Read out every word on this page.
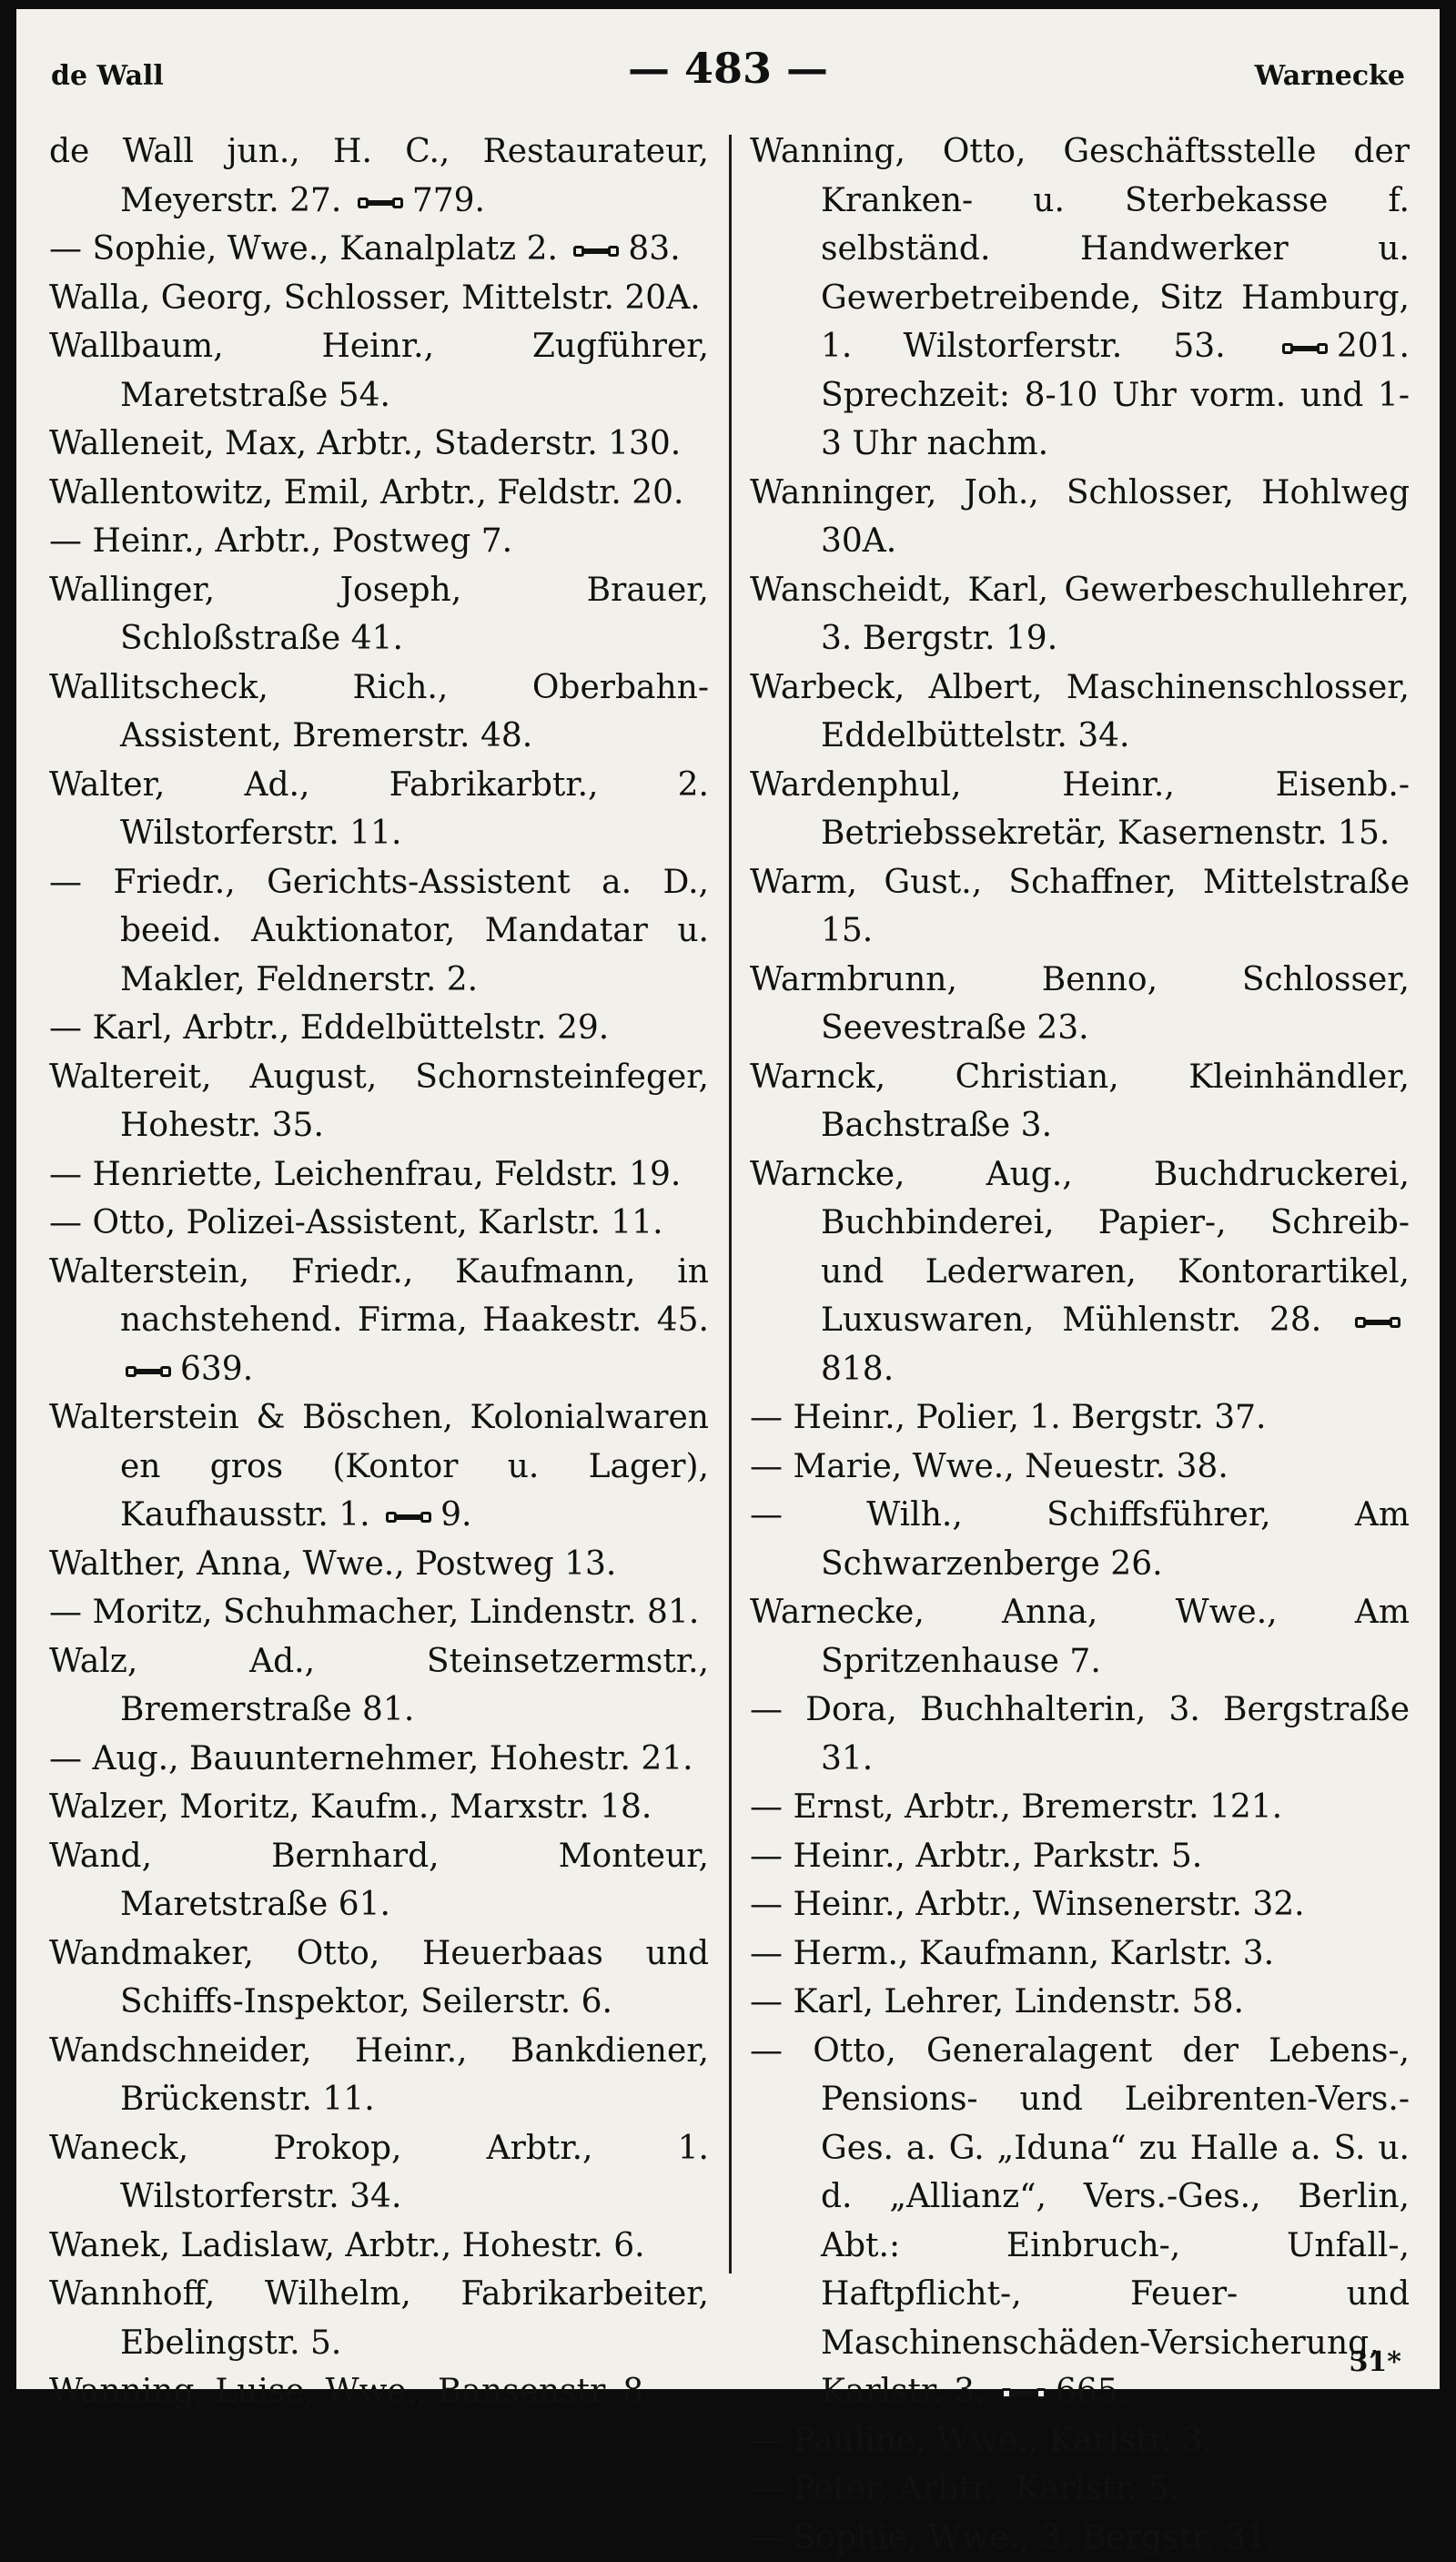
de Wall	— 483 —	Warnecke

de Wall jun., H. C., Restaurateur, Meyerstr. 27. 779.

— Sophie, Wwe., Kanalplatz 2. 83.

Walla, Georg, Schlosser, Mittelstr. 20A.

Wallbaum, Heinr., Zugführer, Maretstraße 54.

Walleneit, Max, Arbtr., Staderstr. 130.

Wallentowitz, Emil, Arbtr., Feldstr. 20.

— Heinr., Arbtr., Postweg 7.

Wallinger, Joseph, Brauer, Schloßstraße 41.

Wallitscheck, Rich., Oberbahn-Assistent, Bremerstr. 48.

Walter, Ad., Fabrikarbtr., 2. Wilstorferstr. 11.

— Friedr., Gerichts-Assistent a. D., beeid. Auktionator, Mandatar u. Makler, Feldnerstr. 2.

— Karl, Arbtr., Eddelbüttelstr. 29.

Waltereit, August, Schornsteinfeger, Hohestr. 35.

— Henriette, Leichenfrau, Feldstr. 19.

— Otto, Polizei-Assistent, Karlstr. 11.

Walterstein, Friedr., Kaufmann, in nachstehend. Firma, Haakestr. 45.
639.

Walterstein & Böschen, Kolonialwaren en gros (Kontor u. Lager), Kaufhausstr. 1. 9.

Walther, Anna, Wwe., Postweg 13.

— Moritz, Schuhmacher, Lindenstr. 81.

Walz, Ad., Steinsetzermstr., Bremerstraße 81.

— Aug., Bauunternehmer, Hohestr. 21.

Walzer, Moritz, Kaufm., Marxstr. 18.

Wand, Bernhard, Monteur, Maretstraße 61.

Wandmaker, Otto, Heuerbaas und Schiffs-Inspektor, Seilerstr. 6.

Wandschneider, Heinr., Bankdiener, Brückenstr. 11.

Waneck, Prokop, Arbtr., 1. Wilstorferstr. 34.

Wanek, Ladislaw, Arbtr., Hohestr. 6.

Wannhoff, Wilhelm, Fabrikarbeiter, Ebelingstr. 5.

Wanning, Luise, Wwe., Bansenstr. 8.

Wanning, Otto, Geschäftsstelle der Kranken- u. Sterbekasse f. selbständ. Handwerker u. Gewerbetreibende, Sitz Hamburg, 1. Wilstorferstr. 53.	201. Sprechzeit: 8-10 Uhr vorm. und 1-3 Uhr nachm.

Wanninger, Joh., Schlosser, Hohlweg 30A.

Wanscheidt, Karl, Gewerbeschullehrer, 3. Bergstr. 19.

Warbeck, Albert, Maschinenschlosser, Eddelbüttelstr. 34.

Wardenphul, Heinr., Eisenb.-Betriebssekretär, Kasernenstr. 15.

Warm, Gust., Schaffner, Mittelstraße 15.

Warmbrunn, Benno, Schlosser, Seevestraße 23.

Warnck, Christian, Kleinhändler, Bachstraße 3.

Warncke, Aug., Buchdruckerei, Buchbinderei, Papier-, Schreib- und Lederwaren, Kontorartikel, Luxuswaren, Mühlenstr. 28.
818.

— Heinr., Polier, 1. Bergstr. 37.

— Marie, Wwe., Neuestr. 38.

— Wilh., Schiffsführer, Am Schwarzenberge 26.

Warnecke, Anna, Wwe., Am Spritzenhause 7.

— Dora, Buchhalterin, 3. Bergstraße 31.

— Ernst, Arbtr., Bremerstr. 121.

— Heinr., Arbtr., Parkstr. 5.

— Heinr., Arbtr., Winsenerstr. 32.

— Herm., Kaufmann, Karlstr. 3.

— Karl, Lehrer, Lindenstr. 58.

— Otto, Generalagent der Lebens-, Pensions- und Leibrenten-Vers.-Ges. a. G. „Iduna“ zu Halle a. S. u. d. „Allianz“, Vers.-Ges., Berlin, Abt.: Einbruch-, Unfall-, Haftpflicht-, Feuer- und Maschinenschäden-Versicherung, Karlstr. 3. 665.

— Pauline, Wwe., Karlstr. 3.

— Peter, Arbtr., Karlstr. 5.

— Sophie, Wwe., 3. Bergstr. 31.

31*
